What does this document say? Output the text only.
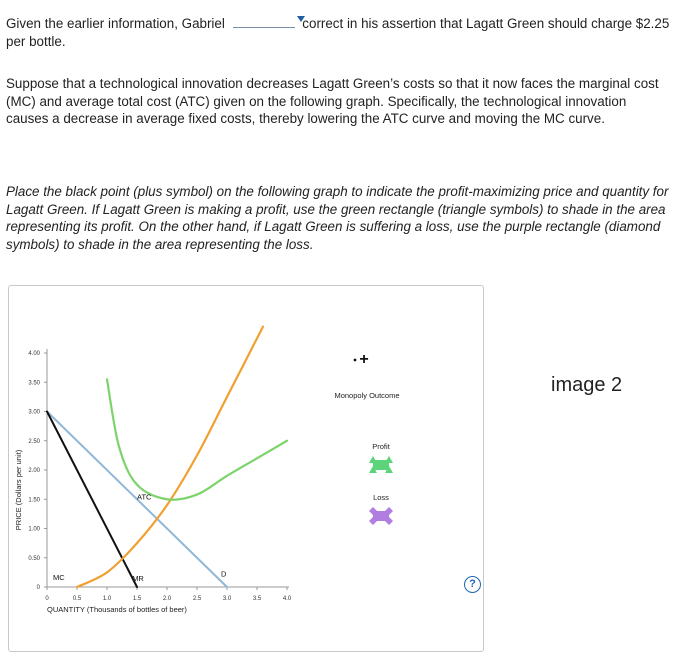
Given the earlier information, Gabriel	correct in his assertion that Lagatt Green should charge $2.25 per bottle.

Suppose that a technological innovation decreases Lagatt Green’s costs so that it now faces the marginal cost (MC) and average total cost (ATC) given on the following graph. Specifically, the technological innovation causes a decrease in average fixed costs, thereby lowering the ATC curve and moving the MC curve.

Place the black point (plus symbol) on the following graph to indicate the profit-maximizing price and quantity for Lagatt Green. If Lagatt Green is making a profit, use the green rectangle (triangle symbols) to shade in the area representing its profit. On the other hand, if Lagatt Green is suffering a loss, use the purple rectangle (diamond symbols) to shade in the area representing the loss.

0	0.5	1.0	1.5	2.0	2.5	3.0	3.5	4.0
0
0.50
1.00
1.50
2.00
2.50
3.00
3.50
4.00
QUANTITY (Thousands of bottles of beer)
PRICE (Dollars per unit)
MC	MR
ATC
D
+
Monopoly Outcome
Profit
Loss
?
image 2
